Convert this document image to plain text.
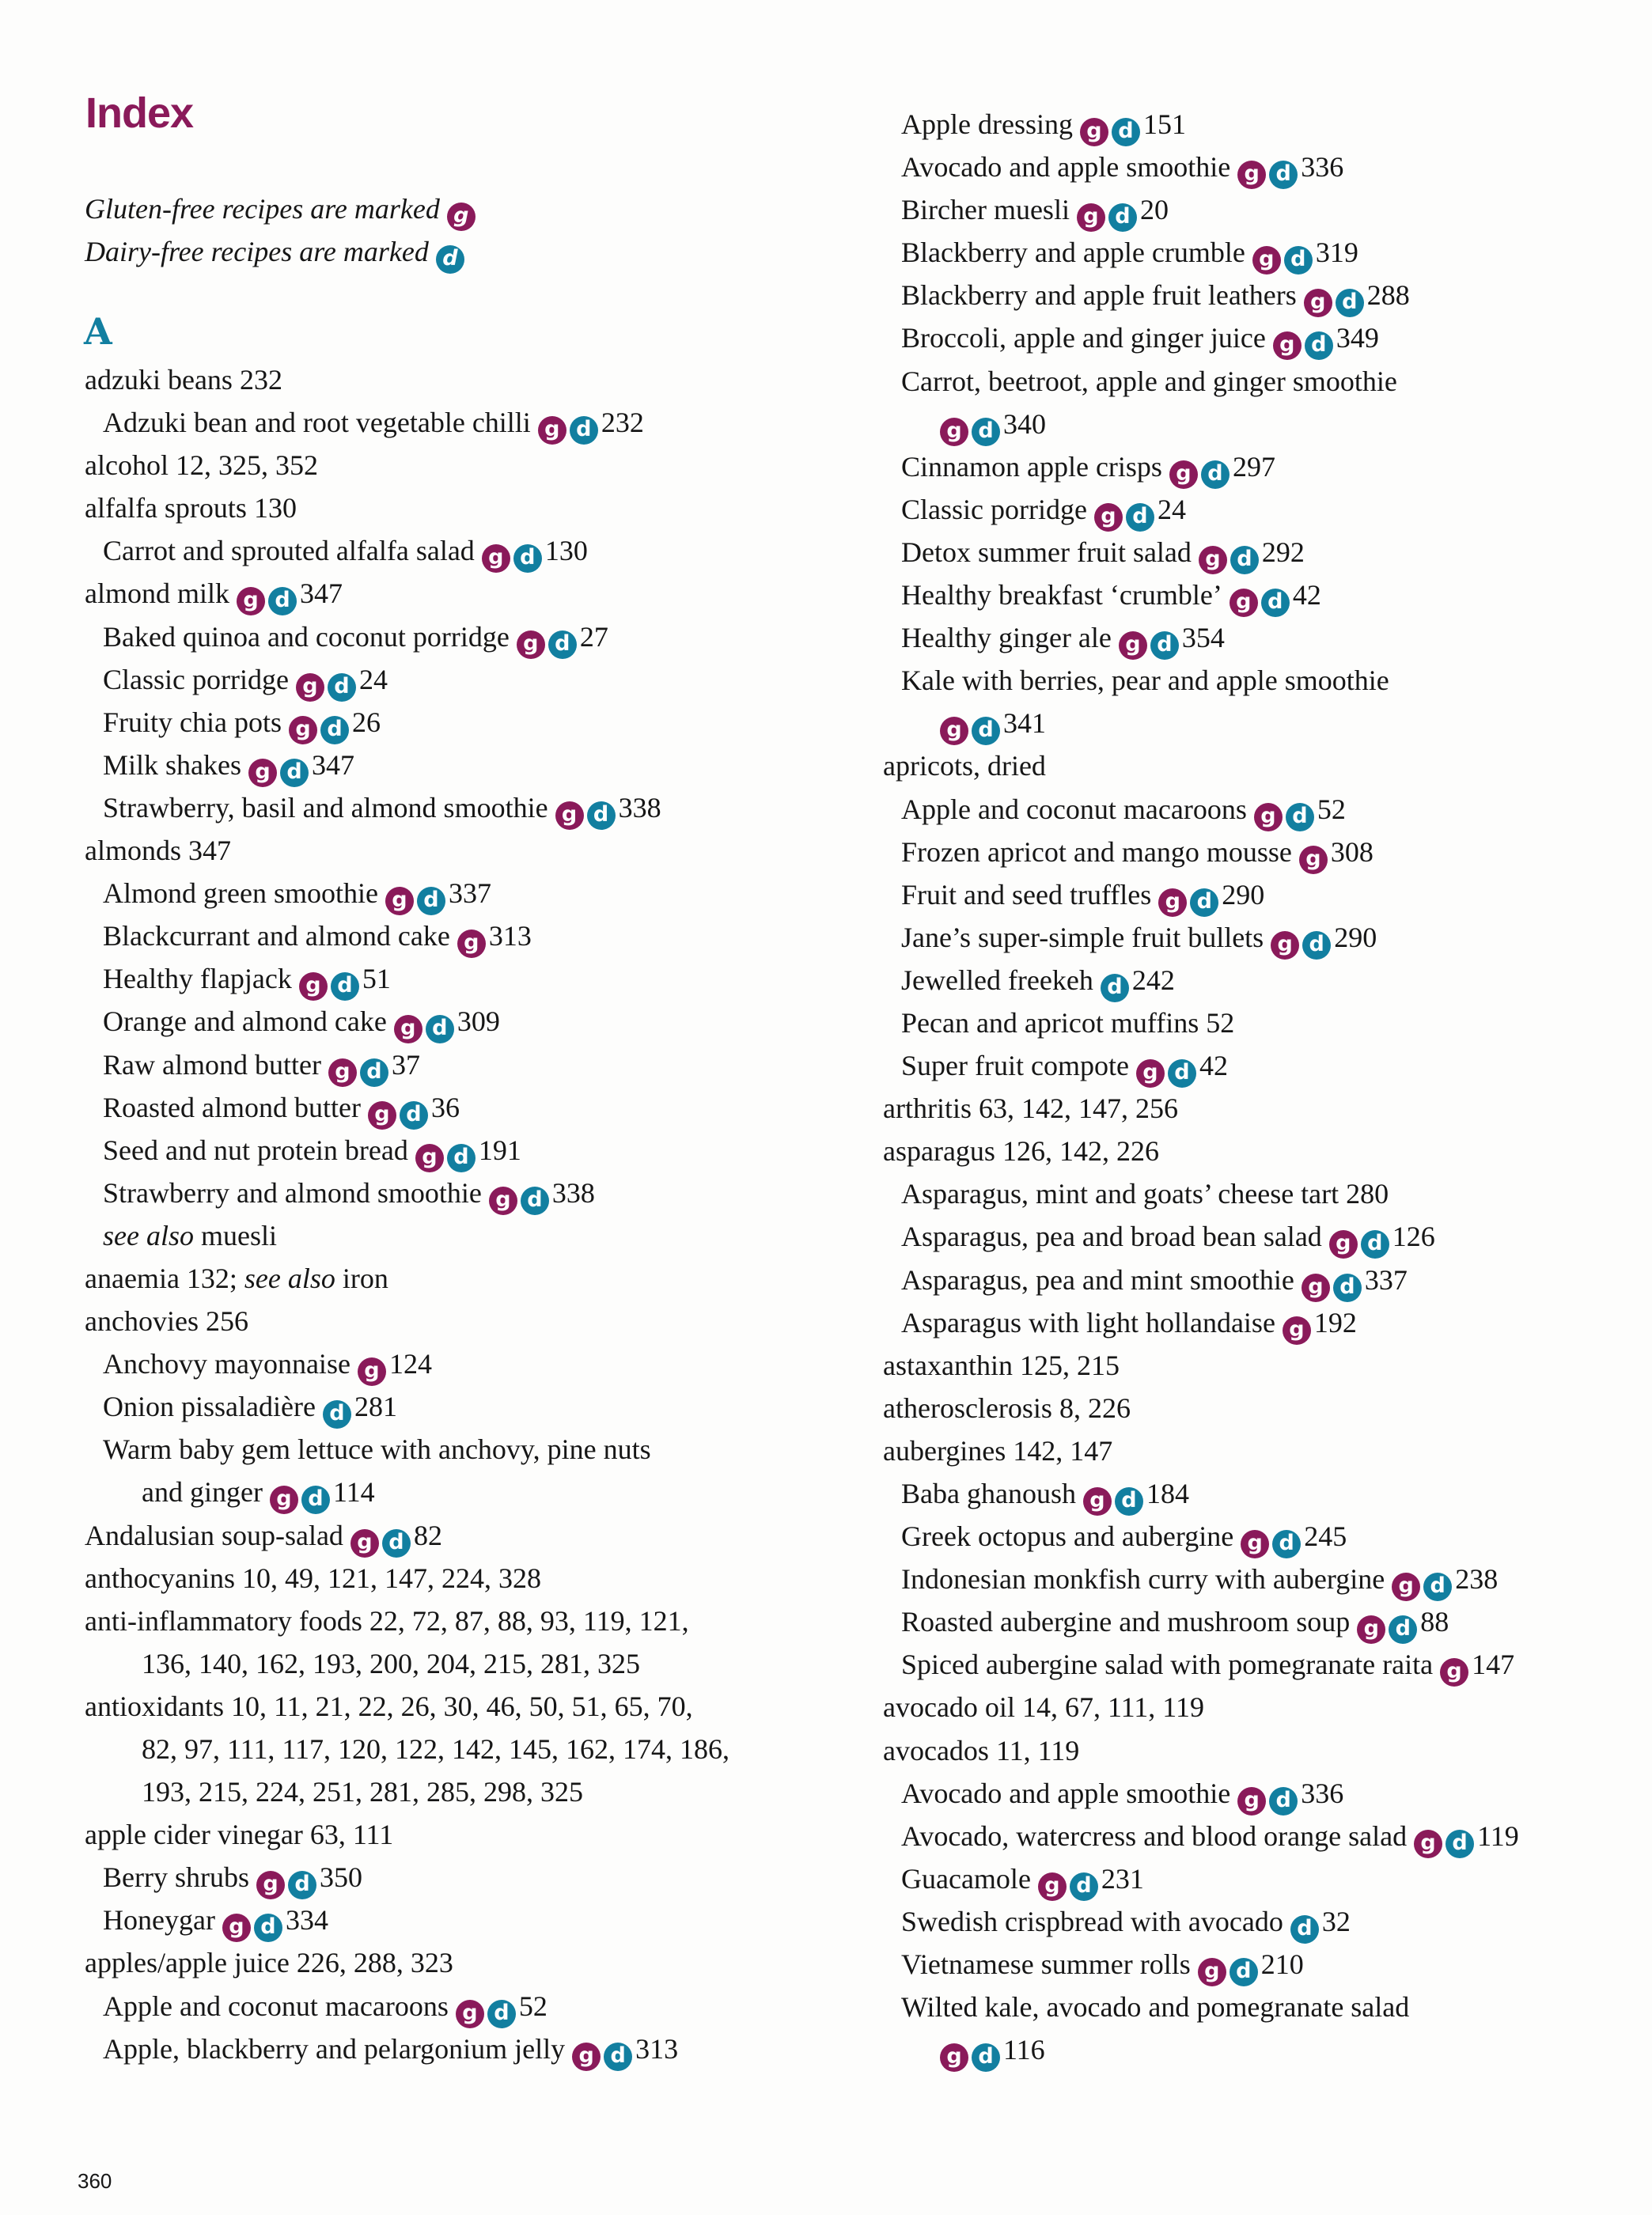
Index
Gluten-free recipes are marked g
Dairy-free recipes are marked d
A
adzuki beans 232
Adzuki bean and root vegetable chilli g d 232
alcohol 12, 325, 352
alfalfa sprouts 130
Carrot and sprouted alfalfa salad g d 130
almond milk g d 347
Baked quinoa and coconut porridge g d 27
Classic porridge g d 24
Fruity chia pots g d 26
Milk shakes g d 347
Strawberry, basil and almond smoothie g d 338
almonds 347
Almond green smoothie g d 337
Blackcurrant and almond cake g 313
Healthy flapjack g d 51
Orange and almond cake g d 309
Raw almond butter g d 37
Roasted almond butter g d 36
Seed and nut protein bread g d 191
Strawberry and almond smoothie g d 338
see also muesli
anaemia 132; see also iron
anchovies 256
Anchovy mayonnaise g 124
Onion pissaladière d 281
Warm baby gem lettuce with anchovy, pine nuts
and ginger g d 114
Andalusian soup-salad g d 82
anthocyanins 10, 49, 121, 147, 224, 328
anti-inflammatory foods 22, 72, 87, 88, 93, 119, 121,
136, 140, 162, 193, 200, 204, 215, 281, 325
antioxidants 10, 11, 21, 22, 26, 30, 46, 50, 51, 65, 70,
82, 97, 111, 117, 120, 122, 142, 145, 162, 174, 186,
193, 215, 224, 251, 281, 285, 298, 325
apple cider vinegar 63, 111
Berry shrubs g d 350
Honeygar g d 334
apples/apple juice 226, 288, 323
Apple and coconut macaroons g d 52
Apple, blackberry and pelargonium jelly g d 313
Apple dressing g d 151
Avocado and apple smoothie g d 336
Bircher muesli g d 20
Blackberry and apple crumble g d 319
Blackberry and apple fruit leathers g d 288
Broccoli, apple and ginger juice g d 349
Carrot, beetroot, apple and ginger smoothie
g d 340
Cinnamon apple crisps g d 297
Classic porridge g d 24
Detox summer fruit salad g d 292
Healthy breakfast ‘crumble’ g d 42
Healthy ginger ale g d 354
Kale with berries, pear and apple smoothie
g d 341
apricots, dried
Apple and coconut macaroons g d 52
Frozen apricot and mango mousse g 308
Fruit and seed truffles g d 290
Jane’s super-simple fruit bullets g d 290
Jewelled freekeh d 242
Pecan and apricot muffins 52
Super fruit compote g d 42
arthritis 63, 142, 147, 256
asparagus 126, 142, 226
Asparagus, mint and goats’ cheese tart 280
Asparagus, pea and broad bean salad g d 126
Asparagus, pea and mint smoothie g d 337
Asparagus with light hollandaise g 192
astaxanthin 125, 215
atherosclerosis 8, 226
aubergines 142, 147
Baba ghanoush g d 184
Greek octopus and aubergine g d 245
Indonesian monkfish curry with aubergine g d 238
Roasted aubergine and mushroom soup g d 88
Spiced aubergine salad with pomegranate raita g 147
avocado oil 14, 67, 111, 119
avocados 11, 119
Avocado and apple smoothie g d 336
Avocado, watercress and blood orange salad g d 119
Guacamole g d 231
Swedish crispbread with avocado d 32
Vietnamese summer rolls g d 210
Wilted kale, avocado and pomegranate salad
g d 116
360
